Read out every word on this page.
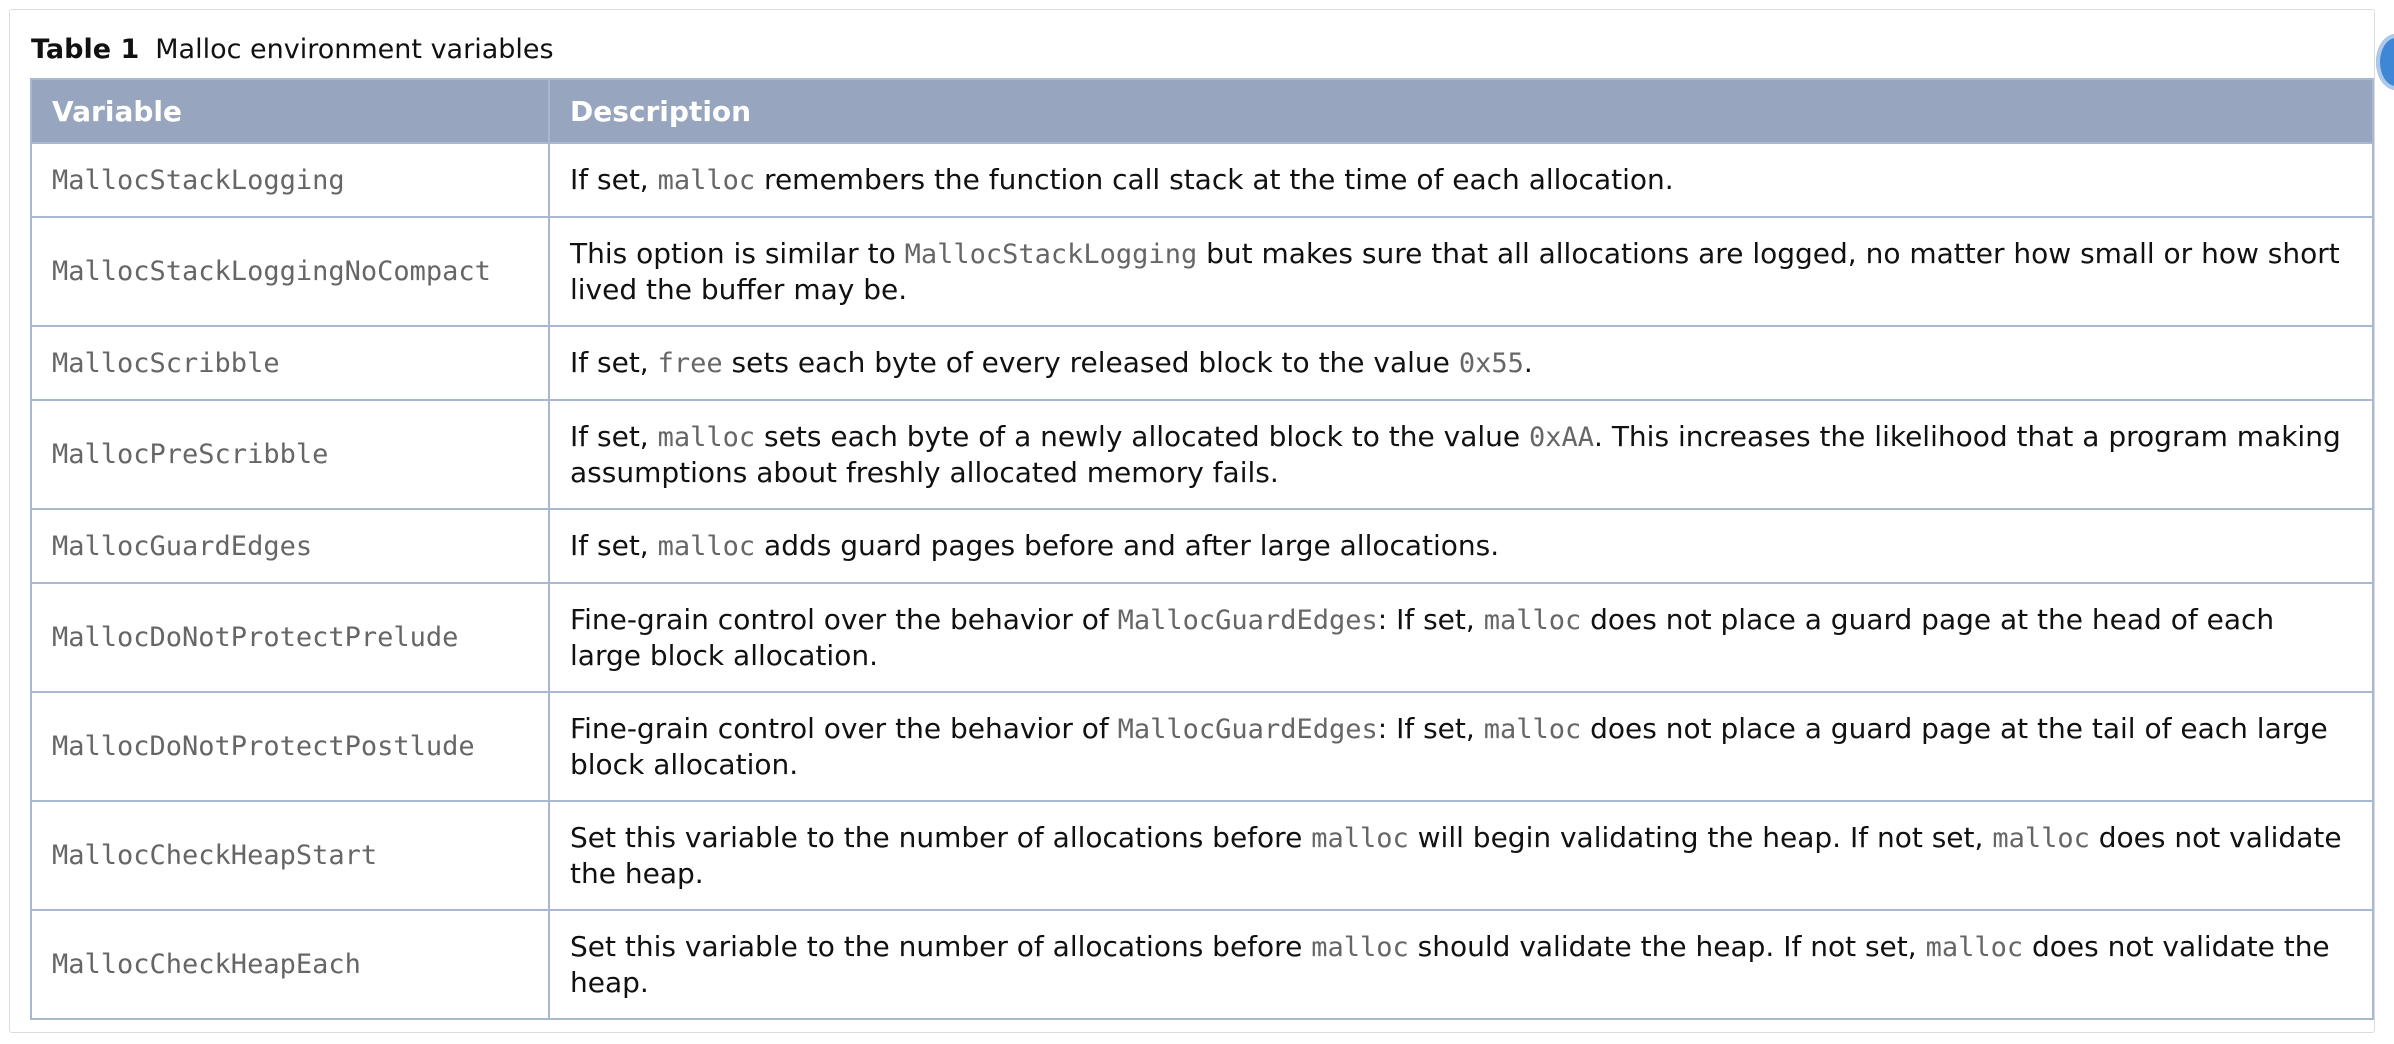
Table 1 Malloc environment variables
Variable	Description
MallocStackLogging	If set, malloc remembers the function call stack at the time of each allocation.
MallocStackLoggingNoCompact	This option is similar to MallocStackLogging but makes sure that all allocations are logged, no matter how small or how short lived the buffer may be.
MallocScribble	If set, free sets each byte of every released block to the value 0x55.
MallocPreScribble	If set, malloc sets each byte of a newly allocated block to the value 0xAA. This increases the likelihood that a program making assumptions about freshly allocated memory fails.
MallocGuardEdges	If set, malloc adds guard pages before and after large allocations.
MallocDoNotProtectPrelude	Fine-grain control over the behavior of MallocGuardEdges: If set, malloc does not place a guard page at the head of each large block allocation.
MallocDoNotProtectPostlude	Fine-grain control over the behavior of MallocGuardEdges: If set, malloc does not place a guard page at the tail of each large block allocation.
MallocCheckHeapStart	Set this variable to the number of allocations before malloc will begin validating the heap. If not set, malloc does not validate the heap.
MallocCheckHeapEach	Set this variable to the number of allocations before malloc should validate the heap. If not set, malloc does not validate the heap.
